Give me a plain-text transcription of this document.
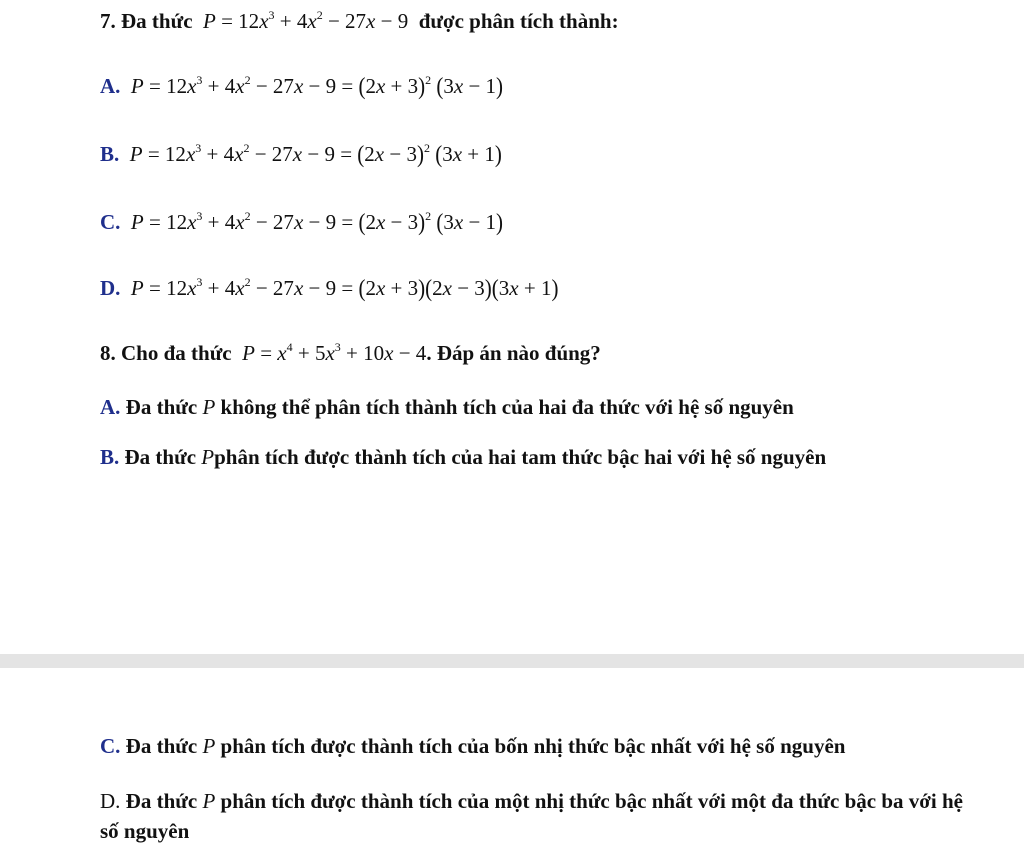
7. Đa thức $P = 12x^3 + 4x^2 - 27x - 9$  được phân tích thành:
A. $P = 12x^3 + 4x^2 - 27x - 9 = (2x + 3)^2$ (3x − 1)
B. $P = 12x^3 + 4x^2 - 27x - 9 = (2x - 3)^2$ (3x + 1)
C. $P = 12x^3 + 4x^2 - 27x - 9 = (2x - 3)^2$ (3x − 1)
D. $P = 12x^3 + 4x^2 - 27x - 9 = (2x + 3)(2x - 3)(3x + 1)$
8. Cho đa thức $P = x^4 + 5x^3 + 10x - 4$. Đáp án nào đúng?
A. Đa thức P không thể phân tích thành tích của hai đa thức với hệ số nguyên
B. Đa thức Pphân tích được thành tích của hai tam thức bậc hai với hệ số nguyên
C. Đa thức P phân tích được thành tích của bốn nhị thức bậc nhất với hệ số nguyên
D. Đa thức P phân tích được thành tích của một nhị thức bậc nhất với một đa thức bậc ba với hệ số nguyên
